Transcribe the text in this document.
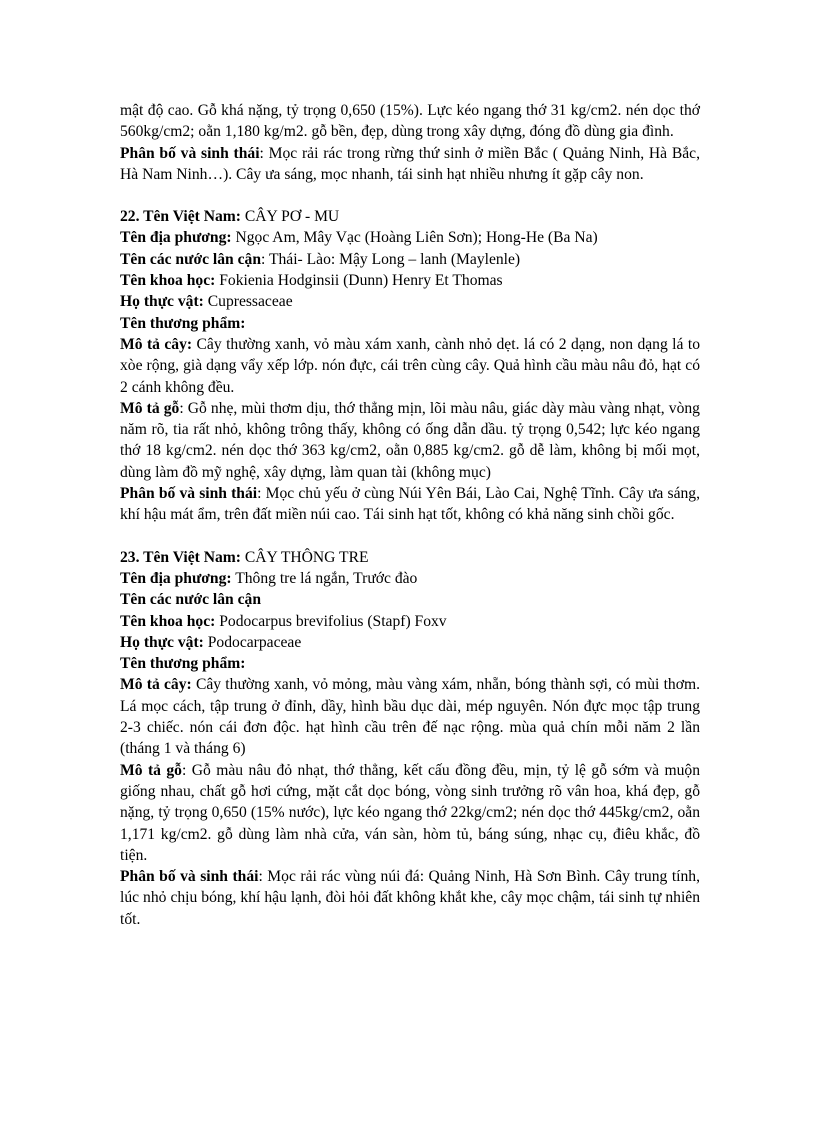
mật độ cao. Gỗ khá nặng, tỷ trọng 0,650 (15%). Lực kéo ngang thớ 31 kg/cm2. nén dọc thớ 560kg/cm2; oằn 1,180 kg/m2. gỗ bền, đẹp, dùng trong xây dựng, đóng đồ dùng gia đình.

Phân bố và sinh thái: Mọc rải rác trong rừng thứ sinh ở miền Bắc ( Quảng Ninh, Hà Bắc, Hà Nam Ninh…). Cây ưa sáng, mọc nhanh, tái sinh hạt nhiều nhưng ít gặp cây non.

22. Tên Việt Nam: CÂY PƠ - MU

Tên địa phương: Ngọc Am, Mây Vạc (Hoàng Liên Sơn); Hong-He (Ba Na)

Tên các nước lân cận: Thái- Lào: Mậy Long – lanh (Maylenle)

Tên khoa học: Fokienia Hodginsii (Dunn) Henry Et Thomas

Họ thực vật: Cupressaceae

Tên thương phẩm:

Mô tả cây: Cây thường xanh, vỏ màu xám xanh, cành nhỏ dẹt. lá có 2 dạng, non dạng lá to xòe rộng, già dạng vẩy xếp lớp. nón đực, cái trên cùng cây. Quả hình cầu màu nâu đỏ, hạt có 2 cánh không đều.

Mô tả gỗ: Gỗ nhẹ, mùi thơm dịu, thớ thẳng mịn, lõi màu nâu, giác dày màu vàng nhạt, vòng năm rõ, tia rất nhỏ, không trông thấy, không có ống dẫn dầu. tỷ trọng 0,542; lực kéo ngang thớ 18 kg/cm2. nén dọc thớ 363 kg/cm2, oằn 0,885 kg/cm2. gỗ dễ làm, không bị mối mọt, dùng làm đồ mỹ nghệ, xây dựng, làm quan tài (không mục)

Phân bố và sinh thái: Mọc chủ yếu ở cùng Núi Yên Bái, Lào Cai, Nghệ Tĩnh. Cây ưa sáng, khí hậu mát ẩm, trên đất miền núi cao. Tái sinh hạt tốt, không có khả năng sinh chồi gốc.

23. Tên Việt Nam: CÂY THÔNG TRE

Tên địa phương: Thông tre lá ngắn, Trước đào

Tên các nước lân cận

Tên khoa học: Podocarpus brevifolius (Stapf) Foxv

Họ thực vật: Podocarpaceae

Tên thương phẩm:

Mô tả cây: Cây thường xanh, vỏ mỏng, màu vàng xám, nhẵn, bóng thành sợi, có mùi thơm. Lá mọc cách, tập trung ở đỉnh, dầy, hình bầu dục dài, mép nguyên. Nón đực mọc tập trung 2-3 chiếc. nón cái đơn độc. hạt hình cầu trên đế nạc rộng. mùa quả chín mỗi năm 2 lần (tháng 1 và tháng 6)

Mô tả gỗ: Gỗ màu nâu đỏ nhạt, thớ thẳng, kết cấu đồng đều, mịn, tỷ lệ gỗ sớm và muộn giống nhau, chất gỗ hơi cứng, mặt cắt dọc bóng, vòng sinh trưởng rõ vân hoa, khá đẹp, gỗ nặng, tỷ trọng 0,650 (15% nước), lực kéo ngang thớ 22kg/cm2; nén dọc thớ 445kg/cm2, oằn 1,171 kg/cm2. gỗ dùng làm nhà cửa, ván sàn, hòm tủ, báng súng, nhạc cụ, điêu khắc, đồ tiện.

Phân bố và sinh thái: Mọc rải rác vùng núi đá: Quảng Ninh, Hà Sơn Bình. Cây trung tính, lúc nhỏ chịu bóng, khí hậu lạnh, đòi hỏi đất không khắt khe, cây mọc chậm, tái sinh tự nhiên tốt.
